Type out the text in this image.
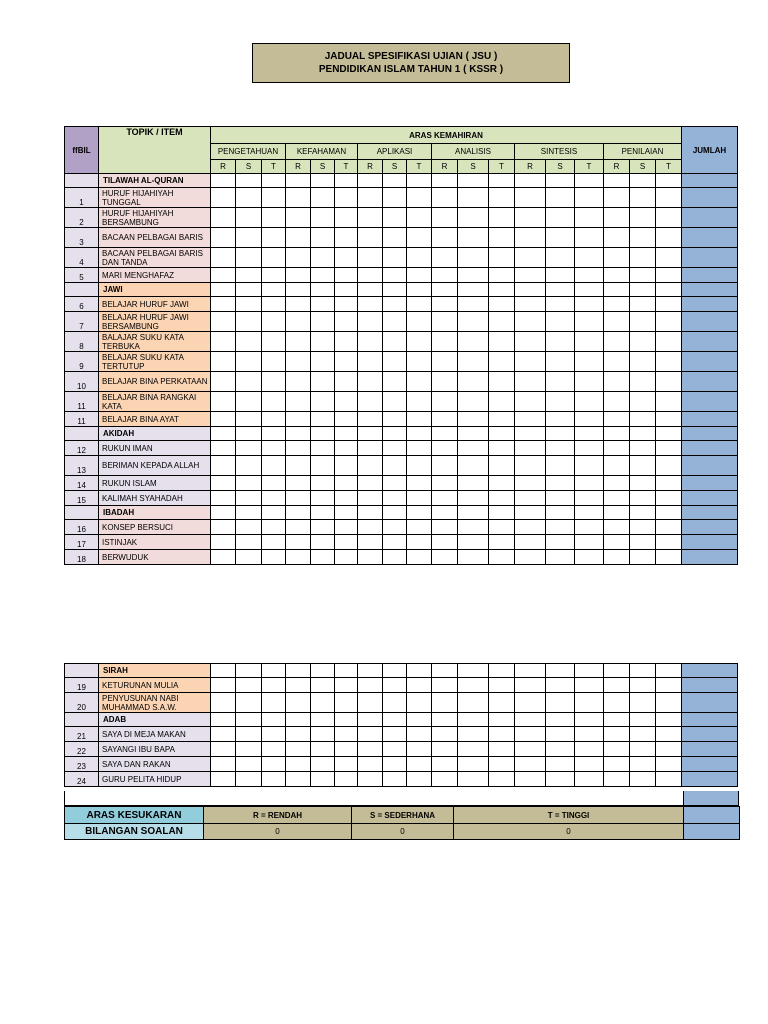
JADUAL SPESIFIKASI UJIAN ( JSU )
PENDIDIKAN ISLAM TAHUN 1 ( KSSR )
ffBIL	TOPIK / ITEM	ARAS KEMAHIRAN																		JUMLAH
		PENGETAHUAN			KEFAHAMAN			APLIKASI			ANALISIS			SINTESIS			PENILAIAN			
		R	S	T	R	S	T	R	S	T	R	S	T	R	S	T	R	S	T	
	TILAWAH AL-QURAN																			
1	HURUF HIJAHIYAH TUNGGAL																			
2	HURUF HIJAHIYAH BERSAMBUNG																			
3	BACAAN PELBAGAI BARIS																			
4	BACAAN PELBAGAI BARIS DAN TANDA																			
5	MARI MENGHAFAZ																			
	JAWI																			
6	BELAJAR HURUF JAWI																			
7	BELAJAR HURUF JAWI BERSAMBUNG																			
8	BALAJAR SUKU KATA TERBUKA																			
9	BELAJAR SUKU KATA TERTUTUP																			
10	BELAJAR BINA PERKATAAN																			
11	BELAJAR BINA RANGKAI KATA																			
11	BELAJAR BINA AYAT																			
	AKIDAH																			
12	RUKUN IMAN																			
13	BERIMAN KEPADA ALLAH																			
14	RUKUN ISLAM																			
15	KALIMAH SYAHADAH																			
	IBADAH																			
16	KONSEP BERSUCI																			
17	ISTINJAK																			
18	BERWUDUK																			
	SIRAH																			
19	KETURUNAN MULIA																			
20	PENYUSUNAN NABI MUHAMMAD S.A.W.																			
	ADAB																			
21	SAYA DI MEJA MAKAN																			
22	SAYANGI IBU BAPA																			
23	SAYA DAN RAKAN																			
24	GURU PELITA HIDUP																			
ARAS KESUKARAN	R = RENDAH	S = SEDERHANA	T = TINGGI	
BILANGAN SOALAN	0	0	0	
